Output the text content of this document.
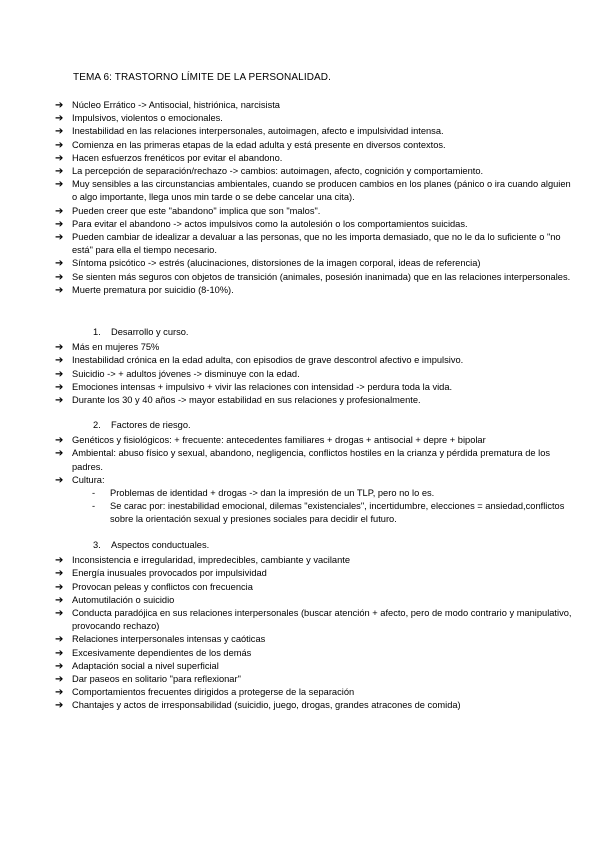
TEMA 6: TRASTORNO LÍMITE DE LA PERSONALIDAD.
➔ Núcleo Errático -> Antisocial, histriónica, narcisista
➔ Impulsivos, violentos o emocionales.
➔ Inestabilidad en las relaciones interpersonales, autoimagen, afecto e impulsividad intensa.
➔ Comienza en las primeras etapas de la edad adulta y está presente en diversos contextos.
➔ Hacen esfuerzos frenéticos por evitar el abandono.
➔ La percepción de separación/rechazo -> cambios: autoimagen, afecto, cognición y comportamiento.
➔ Muy sensibles a las circunstancias ambientales, cuando se producen cambios en los planes (pánico o ira cuando alguien o algo importante, llega unos min tarde o se debe cancelar una cita).
➔ Pueden creer que este "abandono" implica que son "malos".
➔ Para evitar el abandono -> actos impulsivos como la autolesión o los comportamientos suicidas.
➔ Pueden cambiar de idealizar a devaluar a las personas, que no les importa demasiado, que no le da lo suficiente o "no está" para ella el tiempo necesario.
➔ Síntoma psicótico -> estrés (alucinaciones, distorsiones de la imagen corporal, ideas de referencia)
➔ Se sienten más seguros con objetos de transición (animales, posesión inanimada) que en las relaciones interpersonales.
➔ Muerte prematura por suicidio (8-10%).
1. Desarrollo y curso.
➔ Más en mujeres 75%
➔ Inestabilidad crónica en la edad adulta, con episodios de grave descontrol afectivo e impulsivo.
➔ Suicidio -> + adultos jóvenes -> disminuye con la edad.
➔ Emociones intensas + impulsivo + vivir las relaciones con intensidad -> perdura toda la vida.
➔ Durante los 30 y 40 años -> mayor estabilidad en sus relaciones y profesionalmente.
2. Factores de riesgo.
➔ Genéticos y fisiológicos: + frecuente: antecedentes familiares + drogas + antisocial + depre + bipolar
➔ Ambiental: abuso físico y sexual, abandono, negligencia, conflictos hostiles en la crianza y pérdida prematura de los padres.
➔ Cultura:
- Problemas de identidad + drogas -> dan la impresión de un TLP, pero no lo es.
- Se carac por: inestabilidad emocional, dilemas "existenciales", incertidumbre, elecciones = ansiedad,conflictos sobre la orientación sexual y presiones sociales para decidir el futuro.
3. Aspectos conductuales.
➔ Inconsistencia e irregularidad, impredecibles, cambiante y vacilante
➔ Energía inusuales provocados por impulsividad
➔ Provocan peleas y conflictos con frecuencia
➔ Automutilación o suicidio
➔ Conducta paradójica en sus relaciones interpersonales (buscar atención + afecto, pero de modo contrario y manipulativo, provocando rechazo)
➔ Relaciones interpersonales intensas y caóticas
➔ Excesivamente dependientes de los demás
➔ Adaptación social a nivel superficial
➔ Dar paseos en solitario "para reflexionar"
➔ Comportamientos frecuentes dirigidos a protegerse de la separación
➔ Chantajes y actos de irresponsabilidad (suicidio, juego, drogas, grandes atracones de comida)
